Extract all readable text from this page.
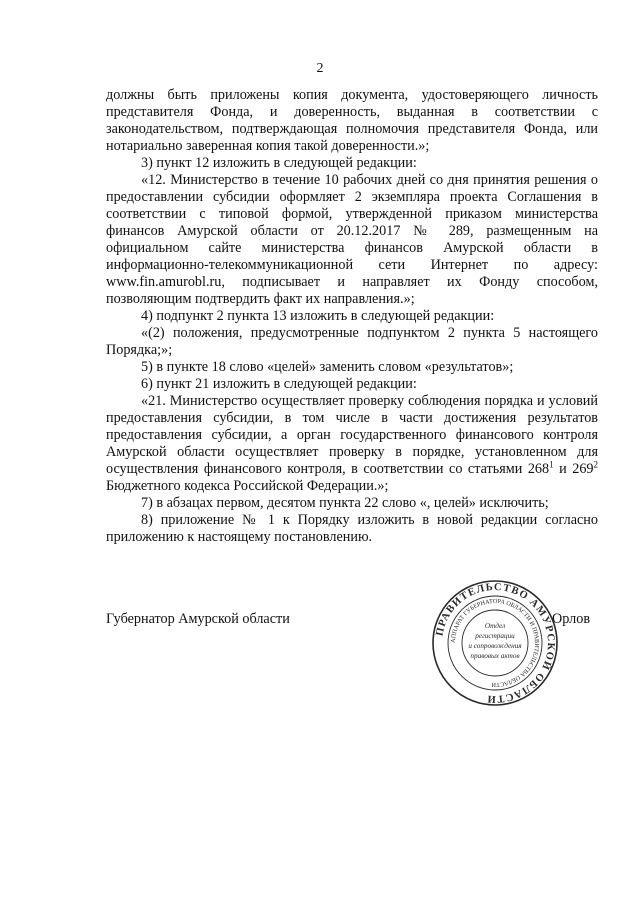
2

должны быть приложены копия документа, удостоверяющего личность представителя Фонда, и доверенность, выданная в соответствии с законодательством, подтверждающая полномочия представителя Фонда, или нотариально заверенная копия такой доверенности.»;

3) пункт 12 изложить в следующей редакции:

«12. Министерство в течение 10 рабочих дней со дня принятия решения о предоставлении субсидии оформляет 2 экземпляра проекта Соглашения в соответствии с типовой формой, утвержденной приказом министерства финансов Амурской области от 20.12.2017 № 289, размещенным на официальном сайте министерства финансов Амурской области в информационно-телекоммуникационной сети Интернет по адресу: www.fin.amurobl.ru, подписывает и направляет их Фонду способом, позволяющим подтвердить факт их направления.»;

4) подпункт 2 пункта 13 изложить в следующей редакции:

«(2) положения, предусмотренные подпунктом 2 пункта 5 настоящего Порядка;»;

5) в пункте 18 слово «целей» заменить словом «результатов»;

6) пункт 21 изложить в следующей редакции:

«21. Министерство осуществляет проверку соблюдения порядка и условий предоставления субсидии, в том числе в части достижения результатов предоставления субсидии, а орган государственного финансового контроля Амурской области осуществляет проверку в порядке, установленном для осуществления финансового контроля, в соответствии со статьями $268^1$ и $269^2$ Бюджетного кодекса Российской Федерации.»;

7) в абзацах первом, десятом пункта 22 слово «, целей» исключить;

8) приложение № 1 к Порядку изложить в новой редакции согласно приложению к настоящему постановлению.

Губернатор Амурской области	Орлов
ПРАВИТЕЛЬСТВО АМУРСКОЙ ОБЛАСТИ
АППАРАТ ГУБЕРНАТОРА ОБЛАСТИ И ПРАВИТЕЛЬСТВА ОБЛАСТИ
Отдел
регистрации
и сопровождения
правовых актов
